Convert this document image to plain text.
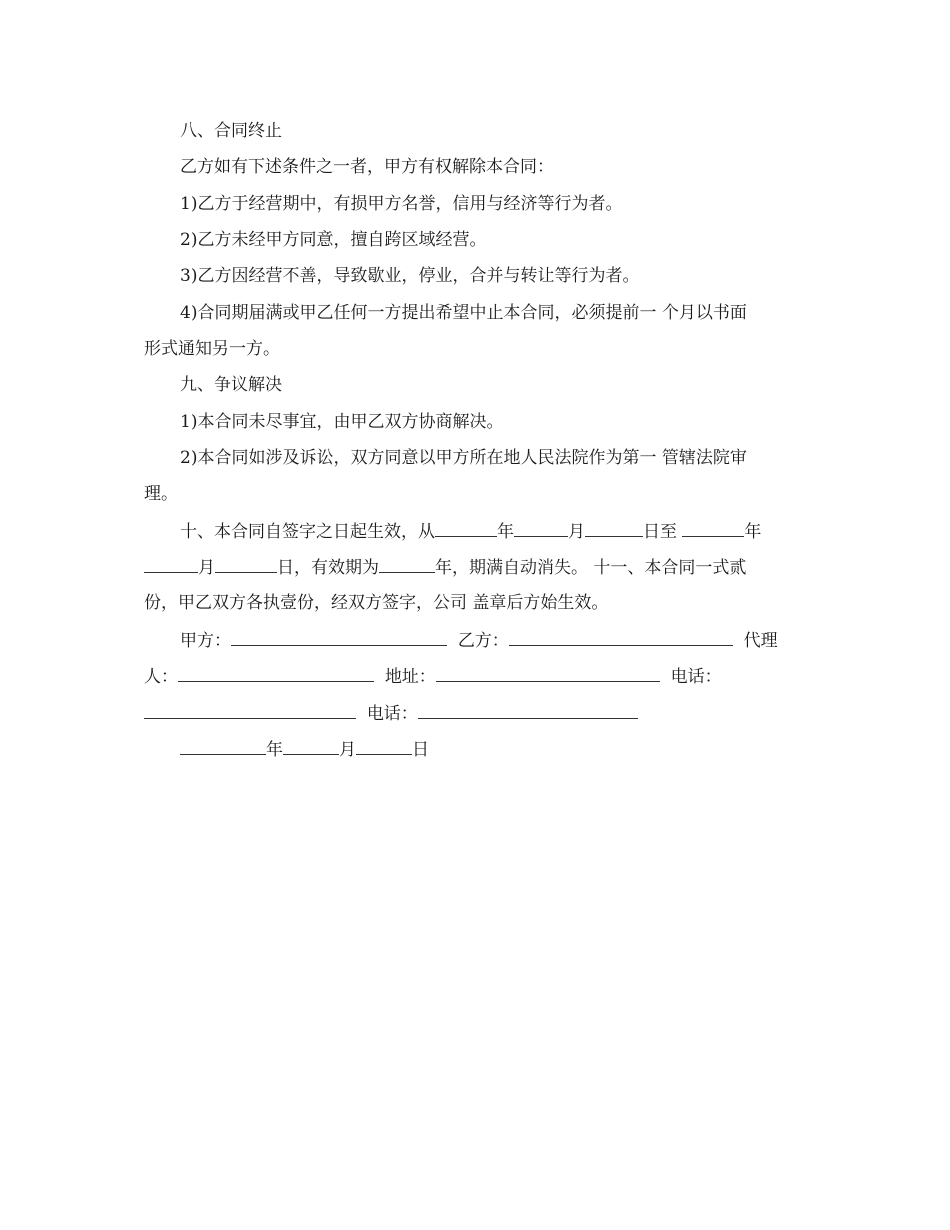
八、合同终止
乙方如有下述条件之一者，甲方有权解除本合同：
1)乙方于经营期中，有损甲方名誉，信用与经济等行为者。
2)乙方未经甲方同意，擅自跨区域经营。
3)乙方因经营不善，导致歇业，停业，合并与转让等行为者。
4)合同期届满或甲乙任何一方提出希望中止本合同，必须提前一 个月以书面
形式通知另一方。
九、争议解决
1)本合同未尽事宜，由甲乙双方协商解决。
2)本合同如涉及诉讼，双方同意以甲方所在地人民法院作为第一 管辖法院审
理。
十、本合同自签字之日起生效，从	年	月	日至	年
月	日，有效期为	年，期满自动消失。 十一、本合同一式贰
份，甲乙双方各执壹份，经双方签字，公司 盖章后方始生效。
甲方：	乙方：	代理
人：	地址：	电话：
电话：
年	月	日
